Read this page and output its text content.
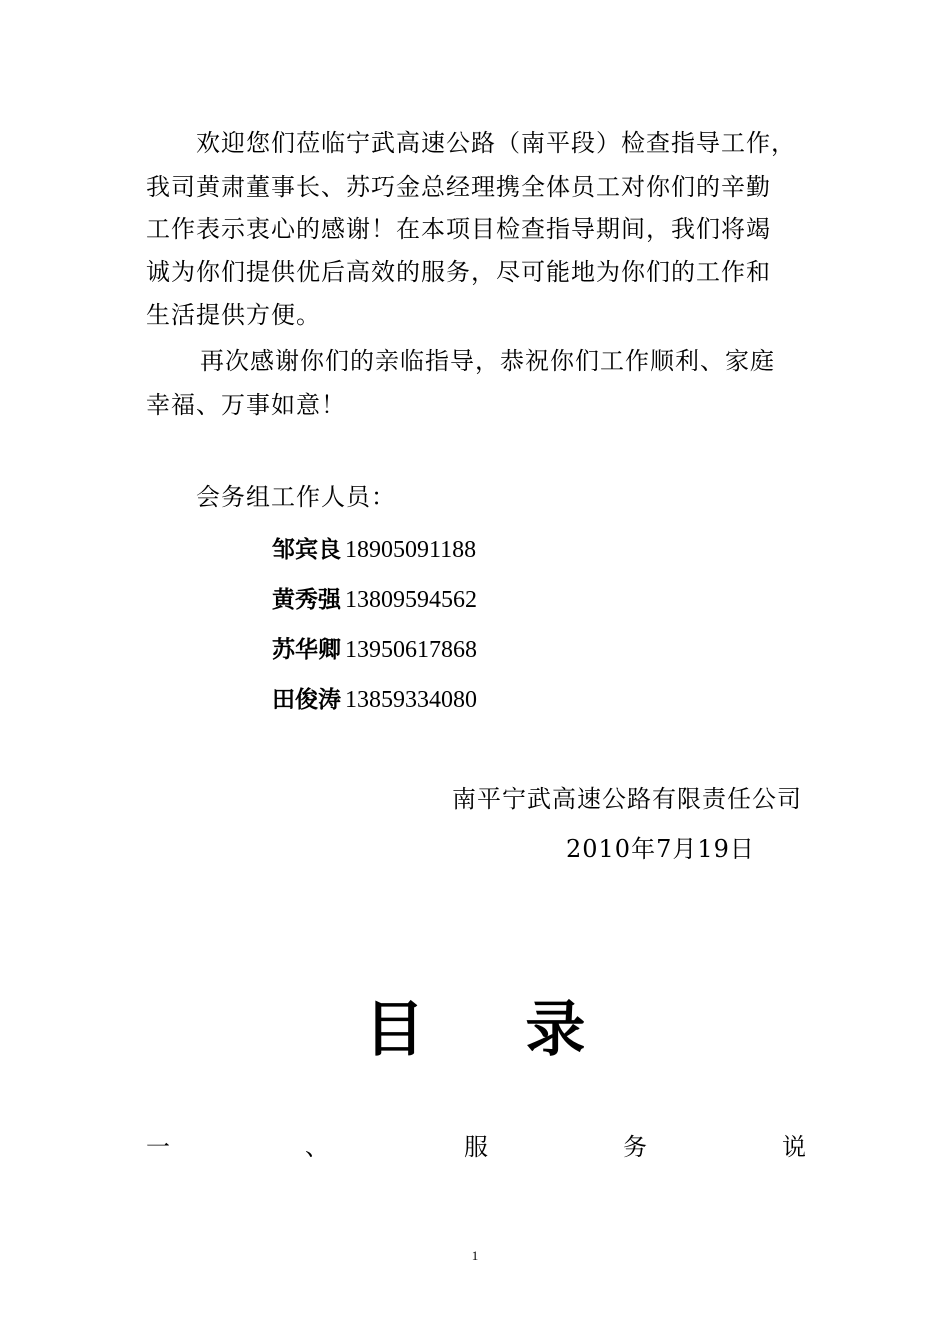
欢迎您们莅临宁武高速公路（南平段）检查指导工作，
我司黄肃董事长、苏巧金总经理携全体员工对你们的辛勤
工作表示衷心的感谢！在本项目检查指导期间，我们将竭
诚为你们提供优后高效的服务，尽可能地为你们的工作和
生活提供方便。
再次感谢你们的亲临指导，恭祝你们工作顺利、家庭
幸福、万事如意！
会务组工作人员：
邹宾良 18905091188
黄秀强 13809594562
苏华卿 13950617868
田俊涛 13859334080
南平宁武高速公路有限责任公司
2010年7月19日
目 录
一	、	服	务	说
1
